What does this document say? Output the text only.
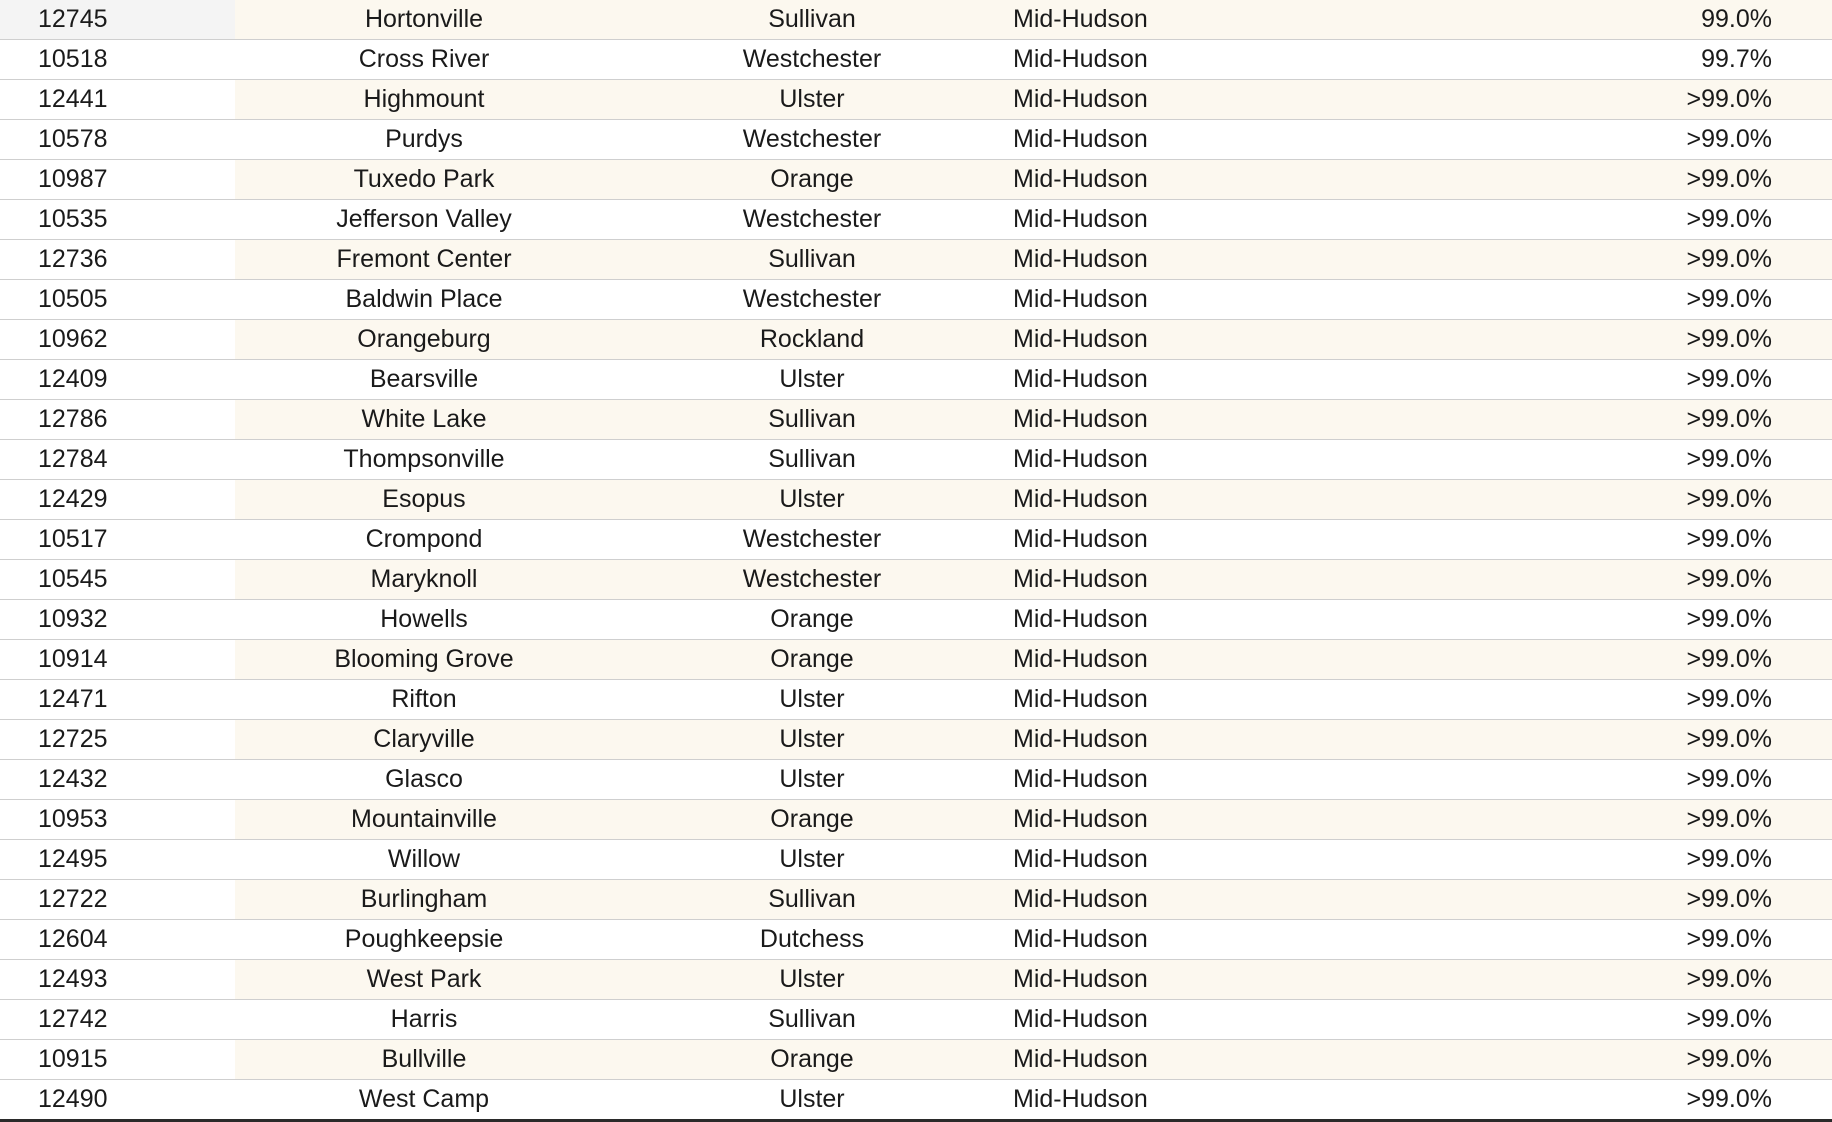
12745	Hortonville	Sullivan	Mid-Hudson	99.0%
10518	Cross River	Westchester	Mid-Hudson	99.7%
12441	Highmount	Ulster	Mid-Hudson	>99.0%
10578	Purdys	Westchester	Mid-Hudson	>99.0%
10987	Tuxedo Park	Orange	Mid-Hudson	>99.0%
10535	Jefferson Valley	Westchester	Mid-Hudson	>99.0%
12736	Fremont Center	Sullivan	Mid-Hudson	>99.0%
10505	Baldwin Place	Westchester	Mid-Hudson	>99.0%
10962	Orangeburg	Rockland	Mid-Hudson	>99.0%
12409	Bearsville	Ulster	Mid-Hudson	>99.0%
12786	White Lake	Sullivan	Mid-Hudson	>99.0%
12784	Thompsonville	Sullivan	Mid-Hudson	>99.0%
12429	Esopus	Ulster	Mid-Hudson	>99.0%
10517	Crompond	Westchester	Mid-Hudson	>99.0%
10545	Maryknoll	Westchester	Mid-Hudson	>99.0%
10932	Howells	Orange	Mid-Hudson	>99.0%
10914	Blooming Grove	Orange	Mid-Hudson	>99.0%
12471	Rifton	Ulster	Mid-Hudson	>99.0%
12725	Claryville	Ulster	Mid-Hudson	>99.0%
12432	Glasco	Ulster	Mid-Hudson	>99.0%
10953	Mountainville	Orange	Mid-Hudson	>99.0%
12495	Willow	Ulster	Mid-Hudson	>99.0%
12722	Burlingham	Sullivan	Mid-Hudson	>99.0%
12604	Poughkeepsie	Dutchess	Mid-Hudson	>99.0%
12493	West Park	Ulster	Mid-Hudson	>99.0%
12742	Harris	Sullivan	Mid-Hudson	>99.0%
10915	Bullville	Orange	Mid-Hudson	>99.0%
12490	West Camp	Ulster	Mid-Hudson	>99.0%
